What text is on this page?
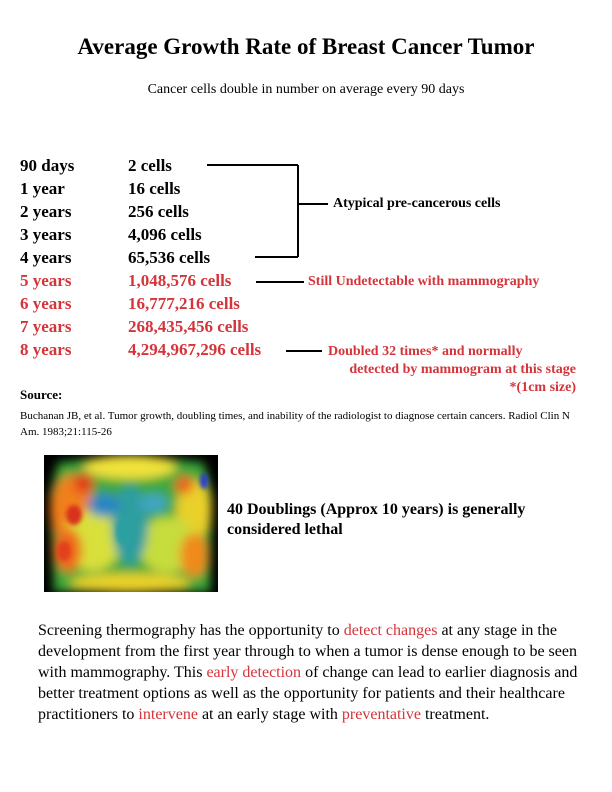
Average Growth Rate of Breast Cancer Tumor
Cancer cells double in number on average every 90 days
90 days	2 cells
1 year	16 cells
2 years	256 cells
3 years	4,096 cells
4 years	65,536 cells
5 years	1,048,576 cells
6 years	16,777,216 cells
7 years	268,435,456 cells
8 years	4,294,967,296 cells
Atypical pre-cancerous cells
Still Undetectable with mammography
Doubled 32 times* and normally
detected by mammogram at this stage
*(1cm size)
Source:
Buchanan JB, et al. Tumor growth, doubling times, and inability of the radiologist to diagnose certain cancers. Radiol Clin N Am. 1983;21:115-26
40 Doublings (Approx 10 years) is generally considered lethal
Screening thermography has the opportunity to detect changes at any stage in the development from the first year through to when a tumor is dense enough to be seen with mammography. This early detection of change can lead to earlier diagnosis and better treatment options as well as the opportunity for patients and their healthcare practitioners to intervene at an early stage with preventative treatment.
